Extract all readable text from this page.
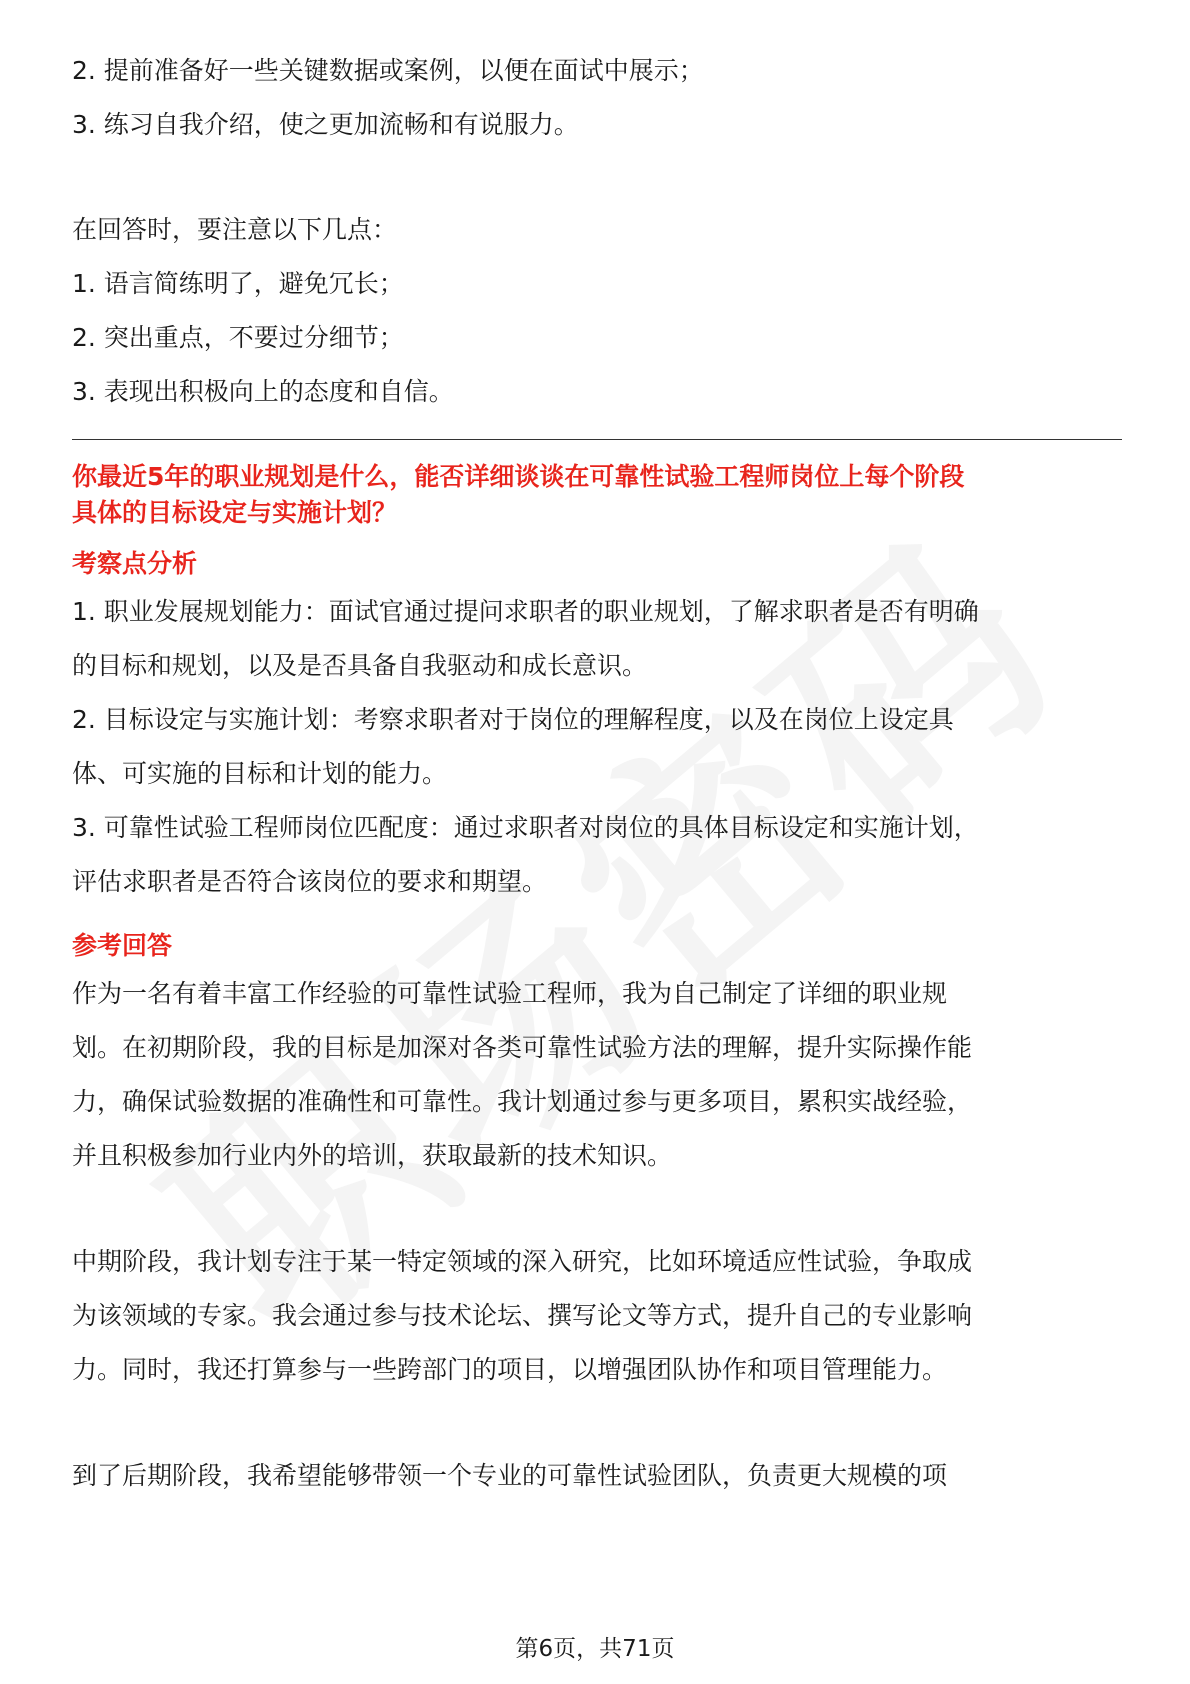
2. 提前准备好一些关键数据或案例，以便在面试中展示；
3. 练习自我介绍，使之更加流畅和有说服力。
在回答时，要注意以下几点：
1. 语言简练明了，避免冗长；
2. 突出重点，不要过分细节；
3. 表现出积极向上的态度和自信。
你最近5年的职业规划是什么，能否详细谈谈在可靠性试验工程师岗位上每个阶段
具体的目标设定与实施计划？
考察点分析
1. 职业发展规划能力：面试官通过提问求职者的职业规划，了解求职者是否有明确
的目标和规划，以及是否具备自我驱动和成长意识。
2. 目标设定与实施计划：考察求职者对于岗位的理解程度，以及在岗位上设定具
体、可实施的目标和计划的能力。
3. 可靠性试验工程师岗位匹配度：通过求职者对岗位的具体目标设定和实施计划，
评估求职者是否符合该岗位的要求和期望。
参考回答
作为一名有着丰富工作经验的可靠性试验工程师，我为自己制定了详细的职业规
划。在初期阶段，我的目标是加深对各类可靠性试验方法的理解，提升实际操作能
力，确保试验数据的准确性和可靠性。我计划通过参与更多项目，累积实战经验，
并且积极参加行业内外的培训，获取最新的技术知识。
中期阶段，我计划专注于某一特定领域的深入研究，比如环境适应性试验，争取成
为该领域的专家。我会通过参与技术论坛、撰写论文等方式，提升自己的专业影响
力。同时，我还打算参与一些跨部门的项目，以增强团队协作和项目管理能力。
到了后期阶段，我希望能够带领一个专业的可靠性试验团队，负责更大规模的项
第6页，共71页
